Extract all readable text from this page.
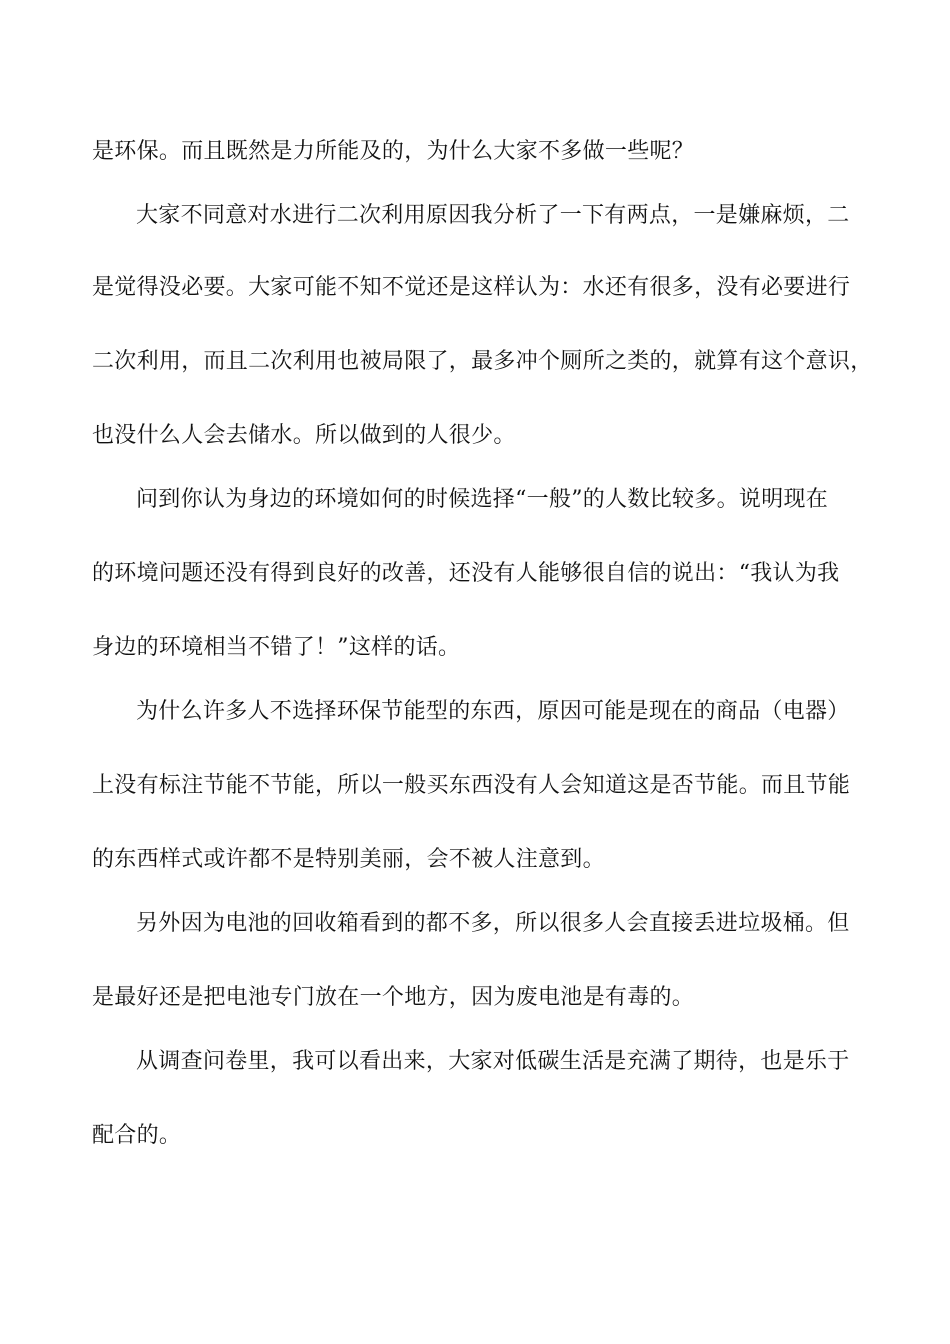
是环保。而且既然是力所能及的，为什么大家不多做一些呢？
大家不同意对水进行二次利用原因我分析了一下有两点，一是嫌麻烦，二
是觉得没必要。大家可能不知不觉还是这样认为：水还有很多，没有必要进行
二次利用，而且二次利用也被局限了，最多冲个厕所之类的，就算有这个意识，
也没什么人会去储水。所以做到的人很少。
问到你认为身边的环境如何的时候选择“一般”的人数比较多。说明现在
的环境问题还没有得到良好的改善，还没有人能够很自信的说出：“我认为我
身边的环境相当不错了！”这样的话。
为什么许多人不选择环保节能型的东西，原因可能是现在的商品（电器）
上没有标注节能不节能，所以一般买东西没有人会知道这是否节能。而且节能
的东西样式或许都不是特别美丽，会不被人注意到。
另外因为电池的回收箱看到的都不多，所以很多人会直接丢进垃圾桶。但
是最好还是把电池专门放在一个地方，因为废电池是有毒的。
从调查问卷里，我可以看出来，大家对低碳生活是充满了期待，也是乐于
配合的。
